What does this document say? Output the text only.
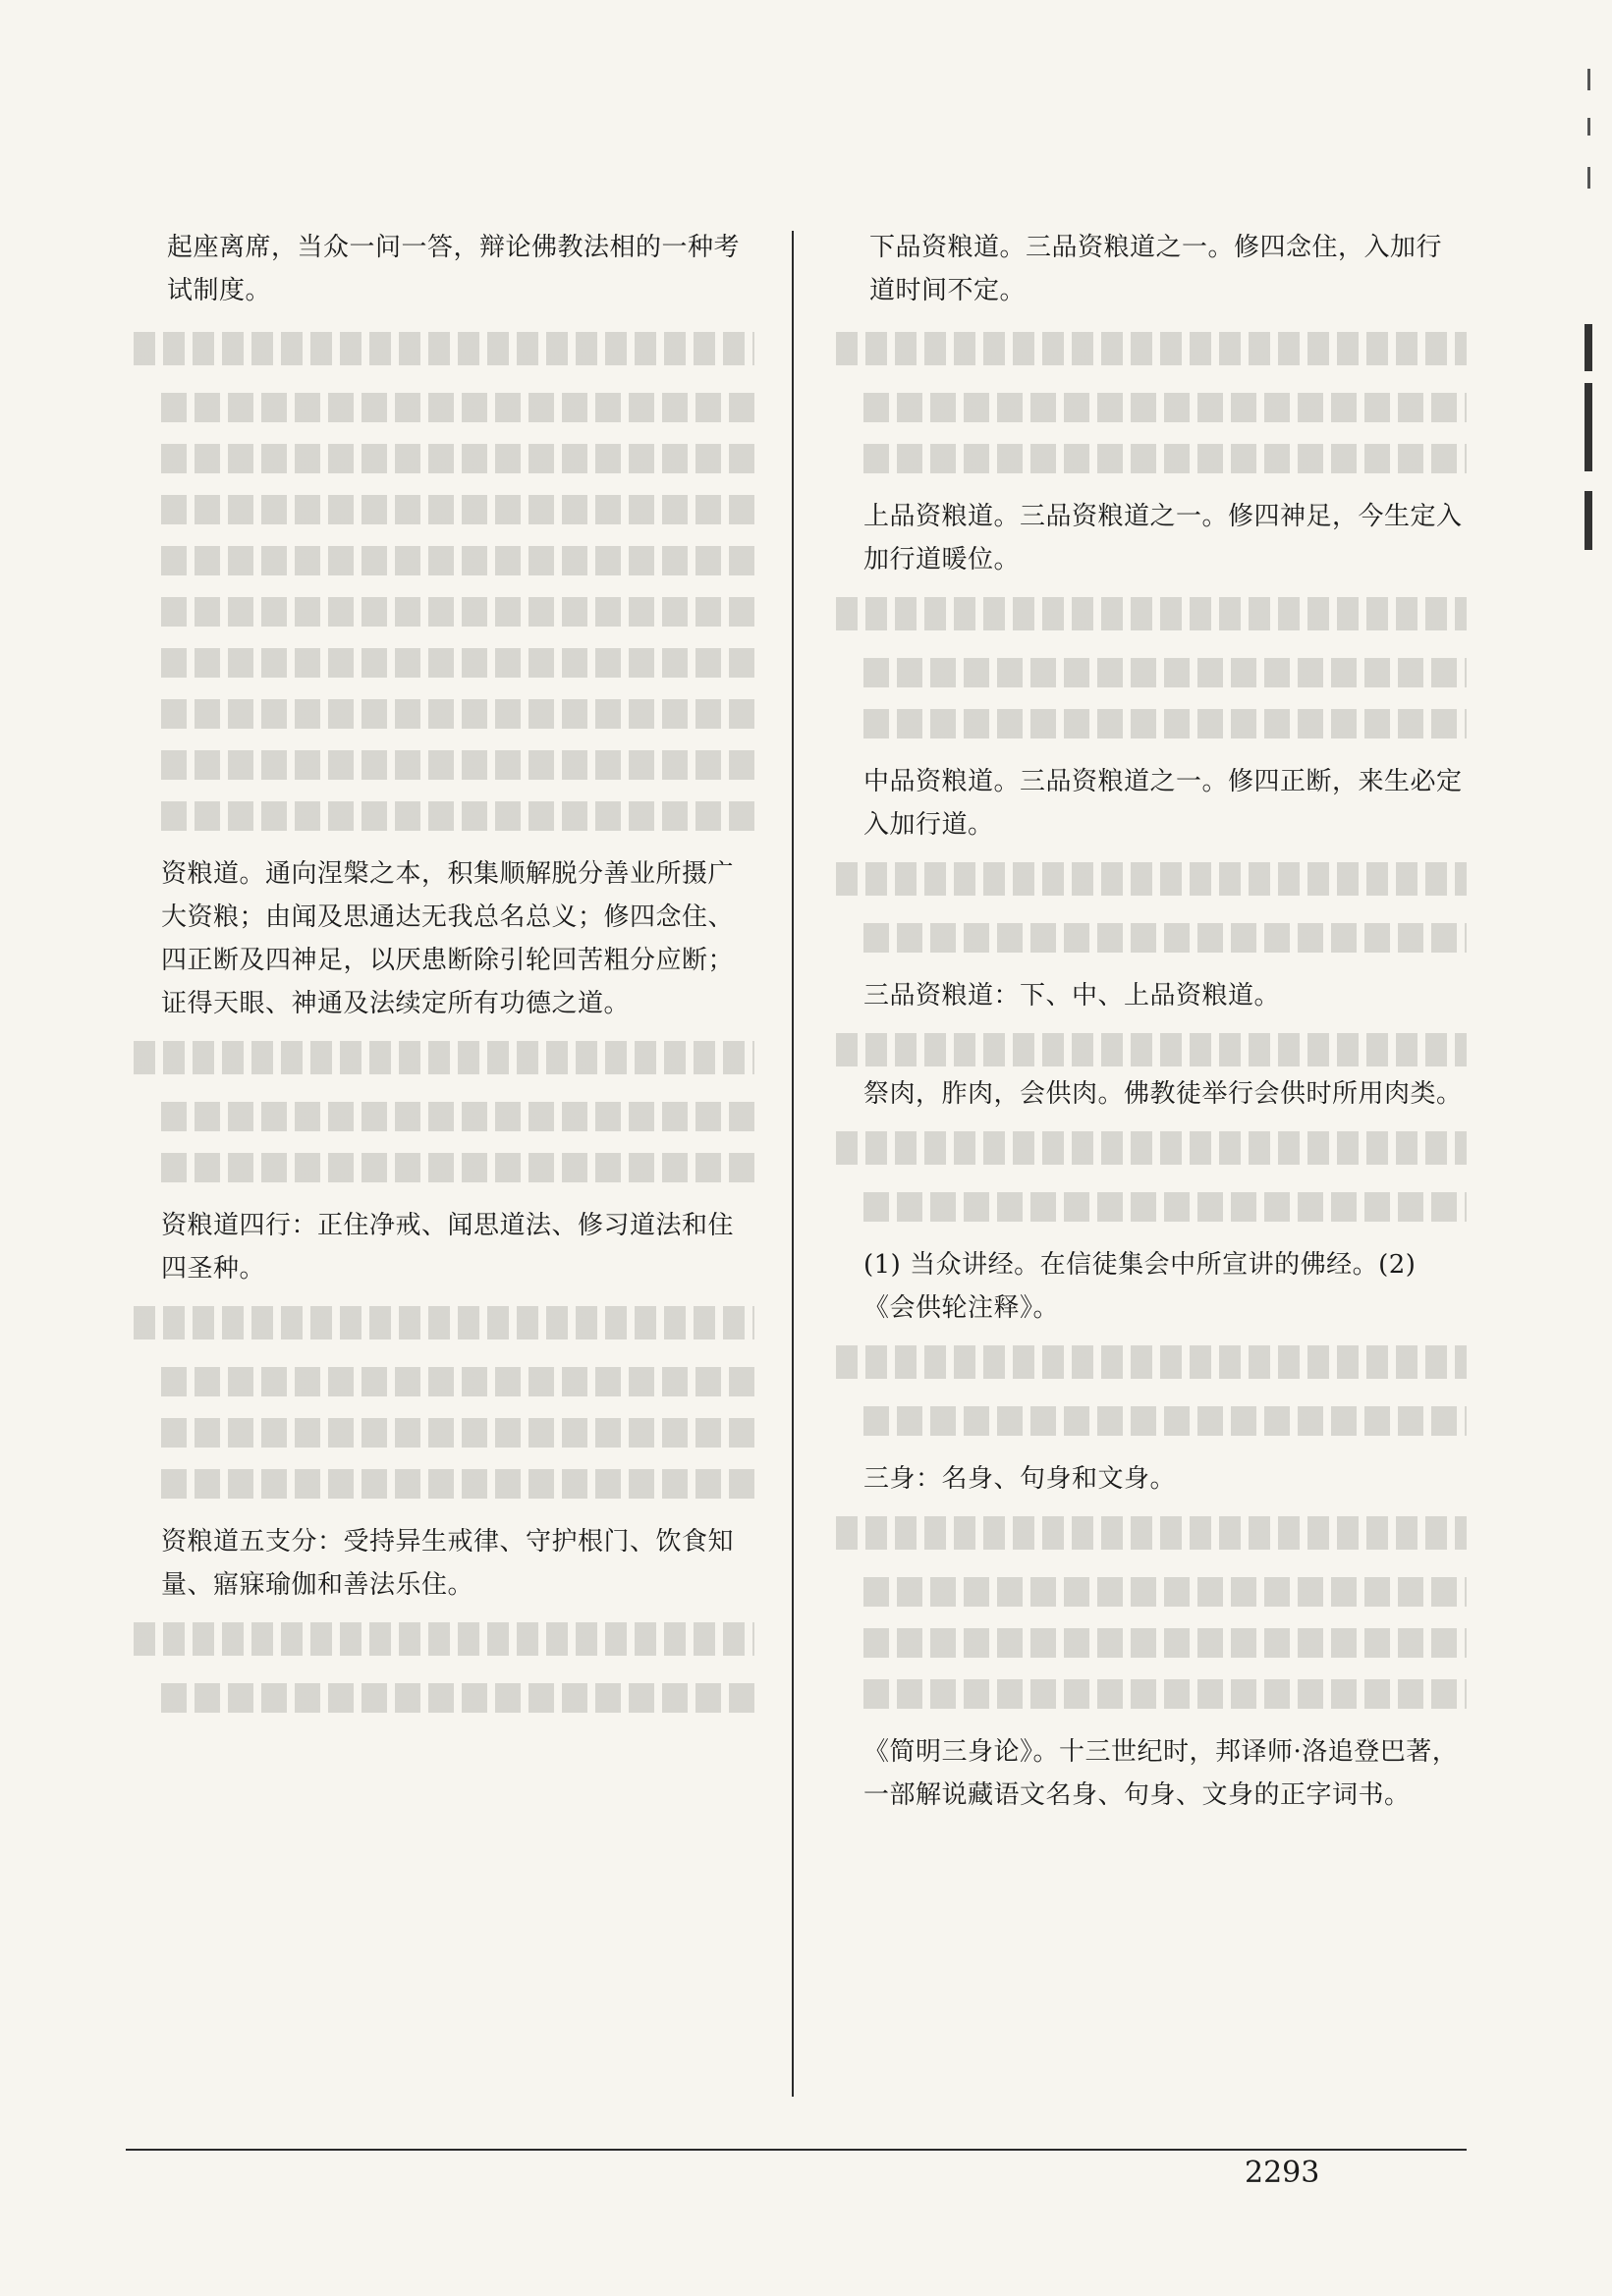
起座离席，当众一问一答，辩论佛教法相的一种考试制度。

资粮道。通向涅槃之本，积集顺解脱分善业所摄广大资粮；由闻及思通达无我总名总义；修四念住、四正断及四神足，以厌患断除引轮回苦粗分应断；证得天眼、神通及法续定所有功德之道。

资粮道四行：正住净戒、闻思道法、修习道法和住四圣种。

资粮道五支分：受持异生戒律、守护根门、饮食知量、寤寐瑜伽和善法乐住。

下品资粮道。三品资粮道之一。修四念住，入加行道时间不定。

上品资粮道。三品资粮道之一。修四神足，今生定入加行道暖位。

中品资粮道。三品资粮道之一。修四正断，来生必定入加行道。

三品资粮道：下、中、上品资粮道。

祭肉，胙肉，会供肉。佛教徒举行会供时所用肉类。

(1) 当众讲经。在信徒集会中所宣讲的佛经。(2) 《会供轮注释》。

三身：名身、句身和文身。

《简明三身论》。十三世纪时，邦译师·洛追登巴著，一部解说藏语文名身、句身、文身的正字词书。

2293
